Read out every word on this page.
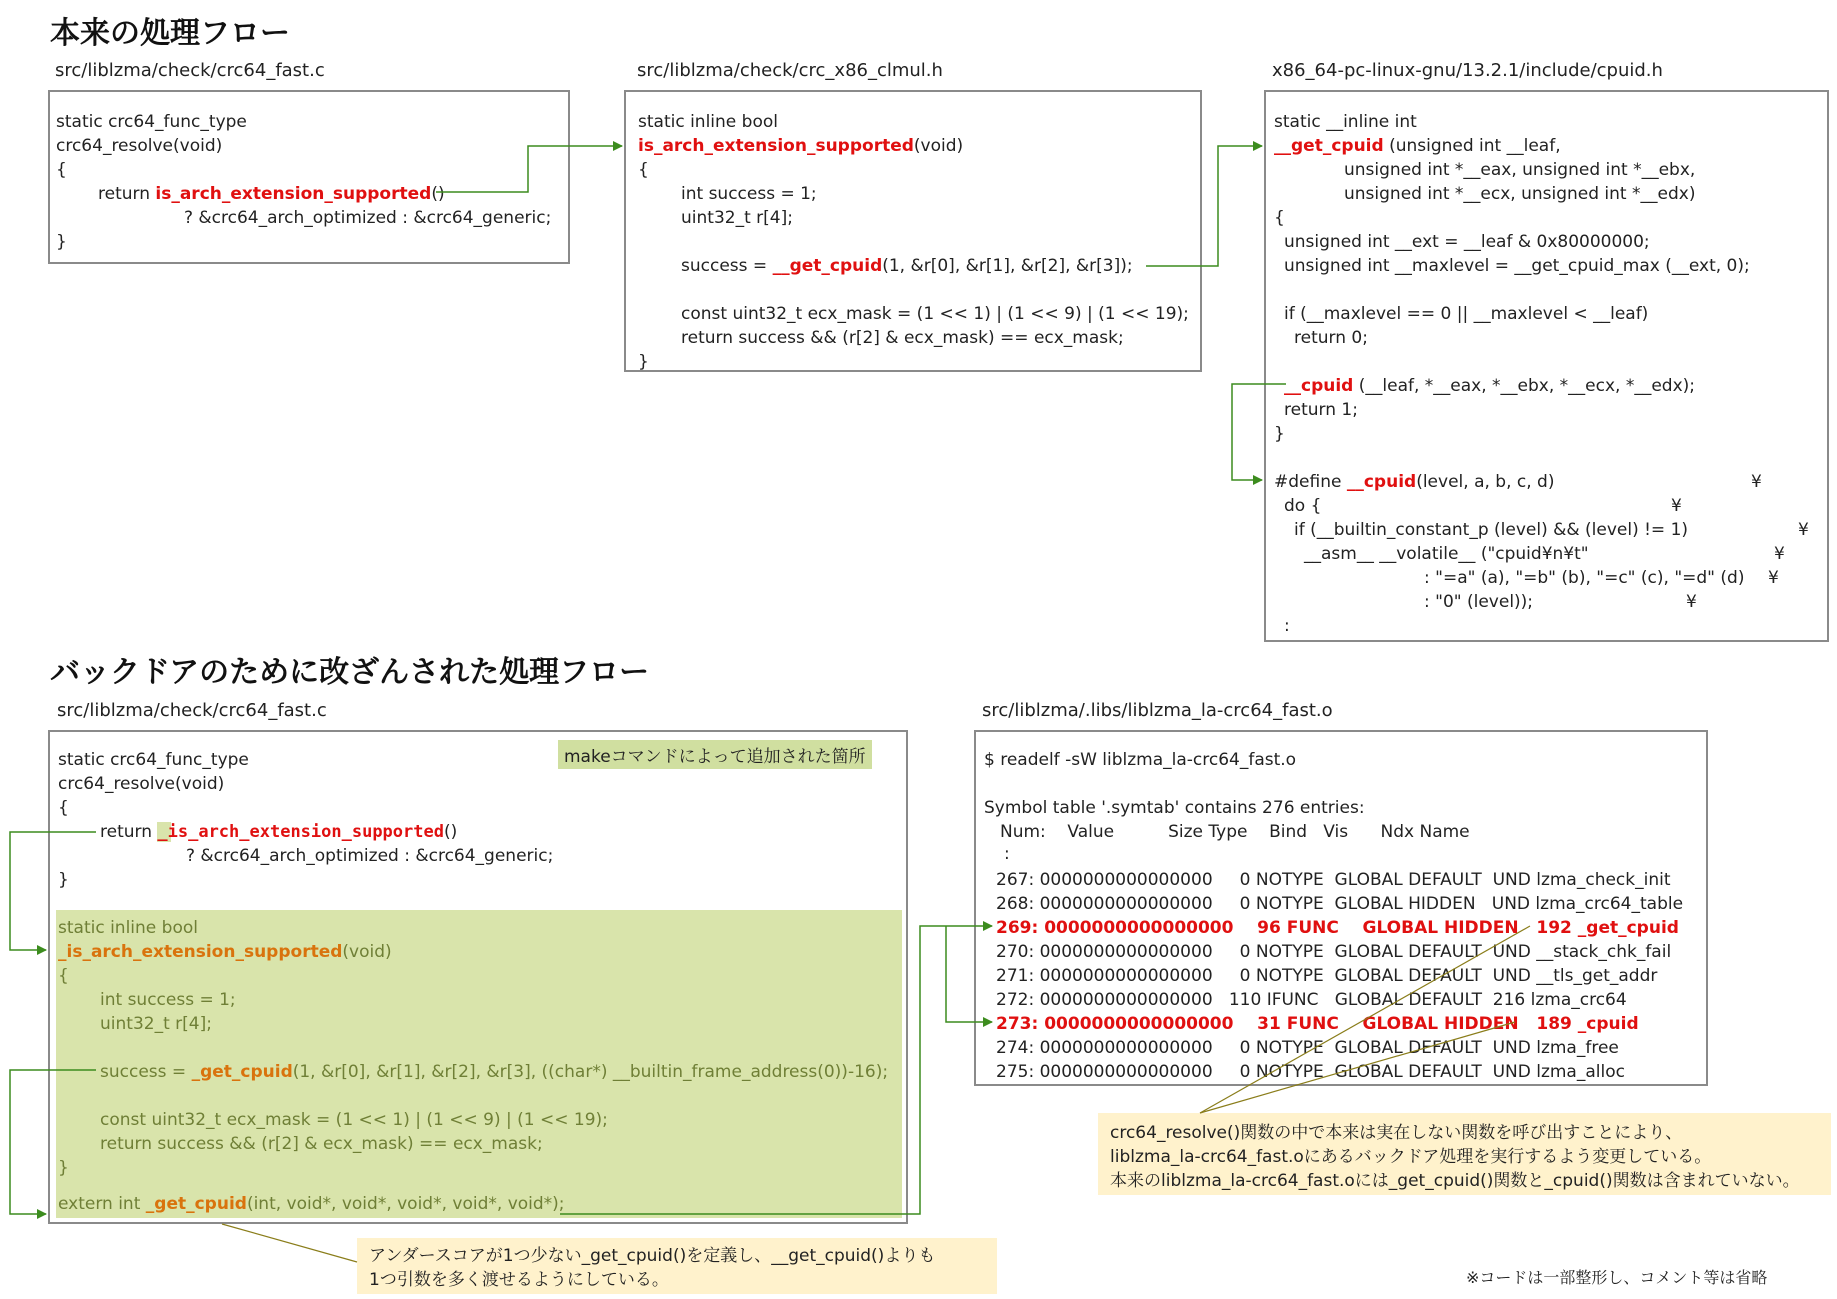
本来の処理フロー
src/liblzma/check/crc64_fast.c
static crc64_func_type
crc64_resolve(void)
{
return is_arch_extension_supported()
? &crc64_arch_optimized : &crc64_generic;
}
src/liblzma/check/crc_x86_clmul.h
static inline bool
is_arch_extension_supported(void)
{
int success = 1;
uint32_t r[4];
success = __get_cpuid(1, &r[0], &r[1], &r[2], &r[3]);
const uint32_t ecx_mask = (1 << 1) | (1 << 9) | (1 << 19);
return success && (r[2] & ecx_mask) == ecx_mask;
}
x86_64-pc-linux-gnu/13.2.1/include/cpuid.h
static __inline int
__get_cpuid (unsigned int __leaf,
unsigned int *__eax, unsigned int *__ebx,
unsigned int *__ecx, unsigned int *__edx)
{
unsigned int __ext = __leaf & 0x80000000;
unsigned int __maxlevel = __get_cpuid_max (__ext, 0);
if (__maxlevel == 0 || __maxlevel < __leaf)
return 0;
__cpuid (__leaf, *__eax, *__ebx, *__ecx, *__edx);
return 1;
}
#define __cpuid(level, a, b, c, d)
do {
if (__builtin_constant_p (level) && (level) != 1)
__asm__ __volatile__ ("cpuid¥n¥t"
: "=a" (a), "=b" (b), "=c" (c), "=d" (d)
: "0" (level));
:
¥
¥
¥
¥
¥
¥
バックドアのために改ざんされた処理フロー
src/liblzma/check/crc64_fast.c
makeコマンドによって追加された箇所
static crc64_func_type
crc64_resolve(void)
{
return _is_arch_extension_supported()
? &crc64_arch_optimized : &crc64_generic;
}
static inline bool
_is_arch_extension_supported(void)
{
int success = 1;
uint32_t r[4];
success = _get_cpuid(1, &r[0], &r[1], &r[2], &r[3], ((char*) __builtin_frame_address(0))-16);
const uint32_t ecx_mask = (1 << 1) | (1 << 9) | (1 << 19);
return success && (r[2] & ecx_mask) == ecx_mask;
}
extern int _get_cpuid(int, void*, void*, void*, void*, void*);
src/liblzma/.libs/liblzma_la-crc64_fast.o
$ readelf -sW liblzma_la-crc64_fast.o
Symbol table '.symtab' contains 276 entries:
Num:    Value          Size Type    Bind   Vis      Ndx Name
:
267: 0000000000000000     0 NOTYPE  GLOBAL DEFAULT  UND lzma_check_init
268: 0000000000000000     0 NOTYPE  GLOBAL HIDDEN   UND lzma_crc64_table
269: 0000000000000000    96 FUNC    GLOBAL HIDDEN   192 _get_cpuid
270: 0000000000000000     0 NOTYPE  GLOBAL DEFAULT  UND __stack_chk_fail
271: 0000000000000000     0 NOTYPE  GLOBAL DEFAULT  UND __tls_get_addr
272: 0000000000000000   110 IFUNC   GLOBAL DEFAULT  216 lzma_crc64
273: 0000000000000000    31 FUNC    GLOBAL HIDDEN   189 _cpuid
274: 0000000000000000     0 NOTYPE  GLOBAL DEFAULT  UND lzma_free
275: 0000000000000000     0 NOTYPE  GLOBAL DEFAULT  UND lzma_alloc
crc64_resolve()関数の中で本来は実在しない関数を呼び出すことにより、
liblzma_la-crc64_fast.oにあるバックドア処理を実行するよう変更している。
本来のliblzma_la-crc64_fast.oには_get_cpuid()関数と_cpuid()関数は含まれていない。
アンダースコアが1つ少ない_get_cpuid()を定義し、__get_cpuid()よりも
1つ引数を多く渡せるようにしている。	※コードは一部整形し、コメント等は省略
